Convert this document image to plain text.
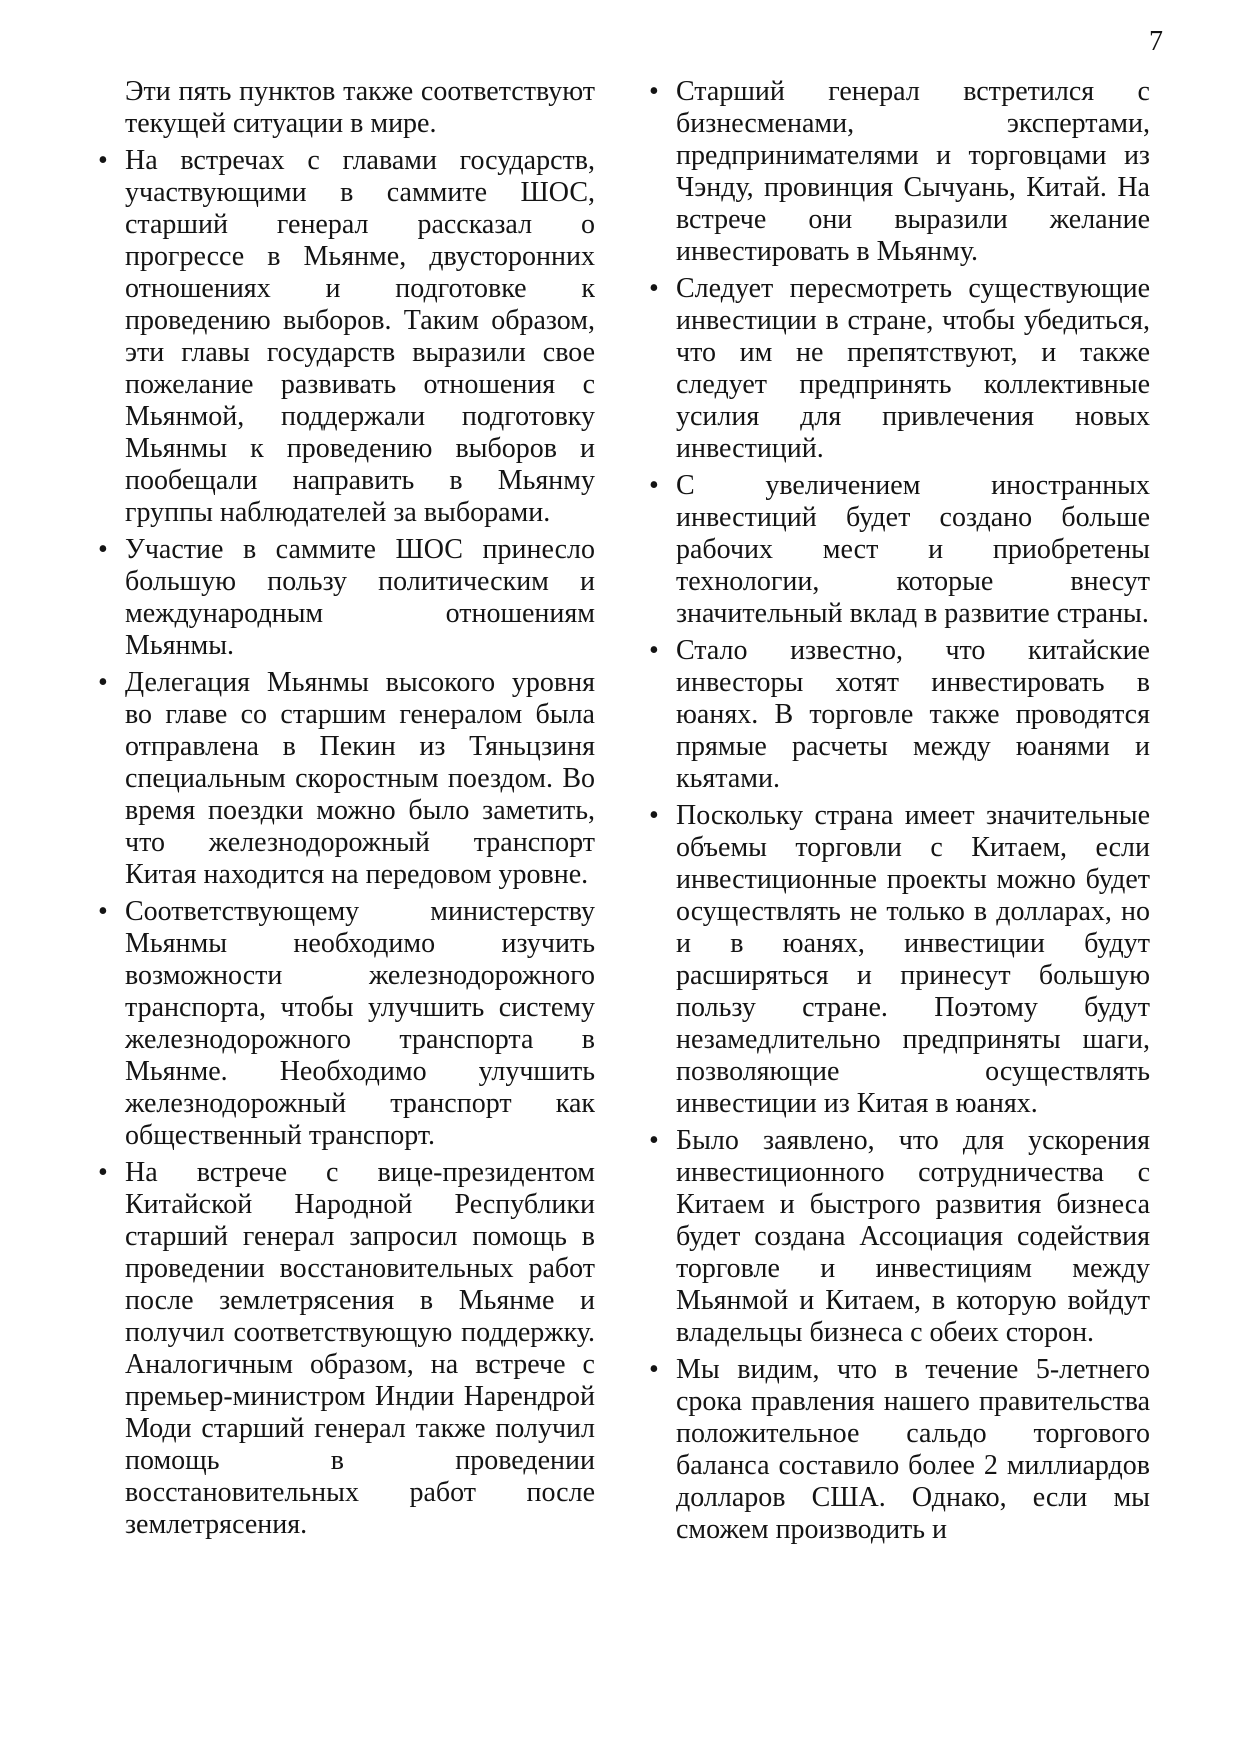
7
Эти пять пунктов также соответствуют текущей ситуации в мире.
• На встречах с главами государств, участвующими в саммите ШОС, старший генерал рассказал о прогрессе в Мьянме, двусторонних отношениях и подготовке к проведению выборов. Таким образом, эти главы государств выразили свое пожелание развивать отношения с Мьянмой, поддержали подготовку Мьянмы к проведению выборов и пообещали направить в Мьянму группы наблюдателей за выборами.
• Участие в саммите ШОС принесло большую пользу политическим и международным отношениям Мьянмы.
• Делегация Мьянмы высокого уровня во главе со старшим генералом была отправлена в Пекин из Тяньцзиня специальным скоростным поездом. Во время поездки можно было заметить, что железнодорожный транспорт Китая находится на передовом уровне.
• Соответствующему министерству Мьянмы необходимо изучить возможности железнодорожного транспорта, чтобы улучшить систему железнодорожного транспорта в Мьянме. Необходимо улучшить железнодорожный транспорт как общественный транспорт.
• На встрече с вице-президентом Китайской Народной Республики старший генерал запросил помощь в проведении восстановительных работ после землетрясения в Мьянме и получил соответствующую поддержку. Аналогичным образом, на встрече с премьер-министром Индии Нарендрой Моди старший генерал также получил помощь в проведении восстановительных работ после землетрясения.
• Старший генерал встретился с бизнесменами, экспертами, предпринимателями и торговцами из Чэнду, провинция Сычуань, Китай. На встрече они выразили желание инвестировать в Мьянму.
• Следует пересмотреть существующие инвестиции в стране, чтобы убедиться, что им не препятствуют, и также следует предпринять коллективные усилия для привлечения новых инвестиций.
• С увеличением иностранных инвестиций будет создано больше рабочих мест и приобретены технологии, которые внесут значительный вклад в развитие страны.
• Стало известно, что китайские инвесторы хотят инвестировать в юанях. В торговле также проводятся прямые расчеты между юанями и кьятами.
• Поскольку страна имеет значительные объемы торговли с Китаем, если инвестиционные проекты можно будет осуществлять не только в долларах, но и в юанях, инвестиции будут расширяться и принесут большую пользу стране. Поэтому будут незамедлительно предприняты шаги, позволяющие осуществлять инвестиции из Китая в юанях.
• Было заявлено, что для ускорения инвестиционного сотрудничества с Китаем и быстрого развития бизнеса будет создана Ассоциация содействия торговле и инвестициям между Мьянмой и Китаем, в которую войдут владельцы бизнеса с обеих сторон.
• Мы видим, что в течение 5-летнего срока правления нашего правительства положительное сальдо торгового баланса составило более 2 миллиардов долларов США. Однако, если мы сможем производить и
